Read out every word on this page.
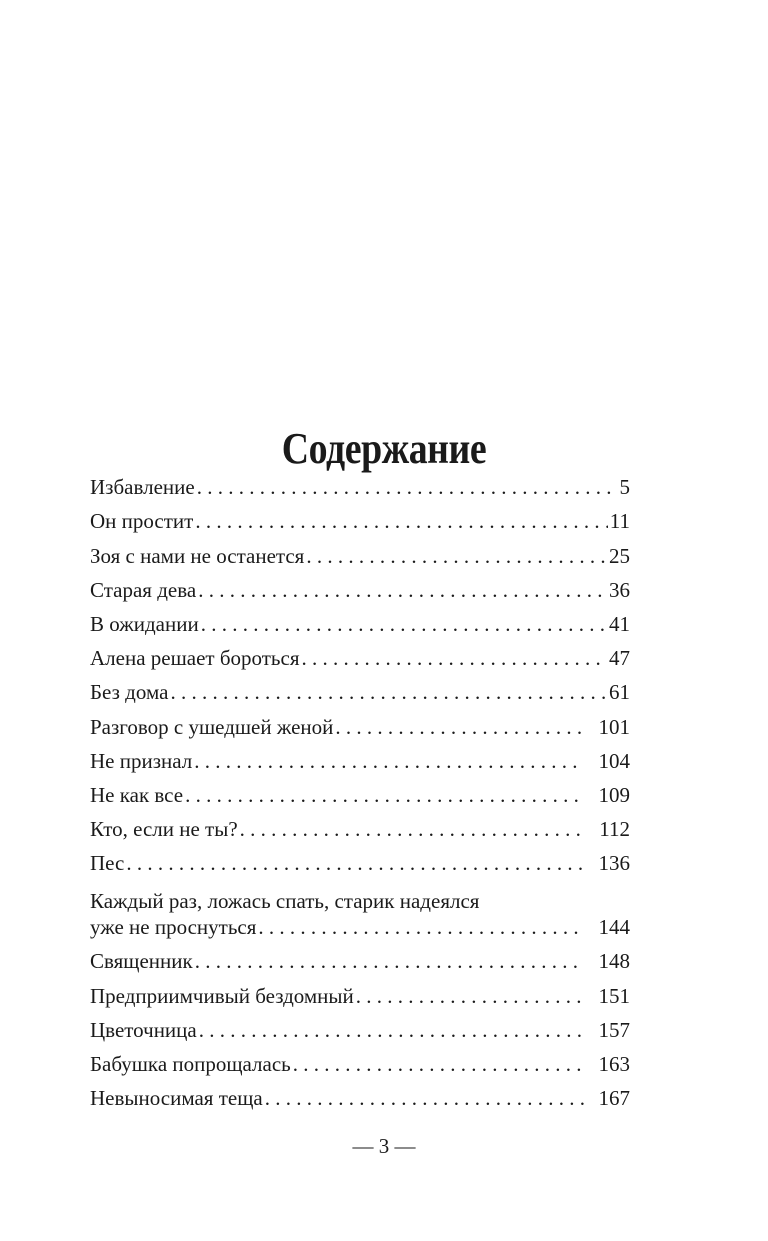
Содержание
Избавление . . .	5
Он простит . . .	11
Зоя с нами не останется . . .	25
Старая дева . . .	36
В ожидании . . .	41
Алена решает бороться . . .	47
Без дома . . .	61
Разговор с ушедшей женой . . .	101
Не признал . . .	104
Не как все . . .	109
Кто, если не ты? . . .	112
Пес . . .	136
Каждый раз, ложась спать, старик надеялся
уже не проснуться . . .	144
Священник . . .	148
Предприимчивый бездомный . . .	151
Цветочница . . .	157
Бабушка попрощалась . . .	163
Невыносимая теща . . .	167
— 3 —
